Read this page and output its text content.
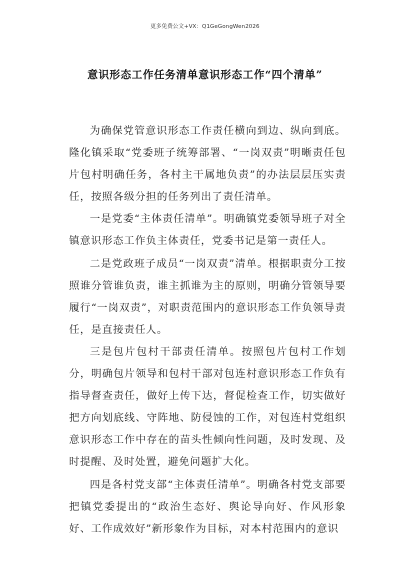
更多免费公文+VX：Q1GeGongWen2026
意识形态工作任务清单意识形态工作“四个清单”

为确保党管意识形态工作责任横向到边、纵向到底。隆化镇采取“党委班子统筹部署、“一岗双责”明晰责任包片包村明确任务，各村主干属地负责”的办法层层压实责任，按照各级分担的任务列出了责任清单。

一是党委“主体责任清单”。明确镇党委领导班子对全镇意识形态工作负主体责任，党委书记是第一责任人。

二是党政班子成员“一岗双责”清单。根据职责分工按照谁分管谁负责，谁主抓谁为主的原则，明确分管领导要履行“一岗双责”，对职责范围内的意识形态工作负领导责任，是直接责任人。

三是包片包村干部责任清单。按照包片包村工作划分，明确包片领导和包村干部对包连村意识形态工作负有指导督查责任，做好上传下达，督促检查工作，切实做好把方向划底线、守阵地、防侵蚀的工作，对包连村党组织意识形态工作中存在的苗头性倾向性问题，及时发现、及时提醒、及时处置，避免问题扩大化。

四是各村党支部“主体责任清单”。明确各村党支部要把镇党委提出的“政治生态好、舆论导向好、作风形象好、工作成效好”新形象作为目标，对本村范围内的意识
